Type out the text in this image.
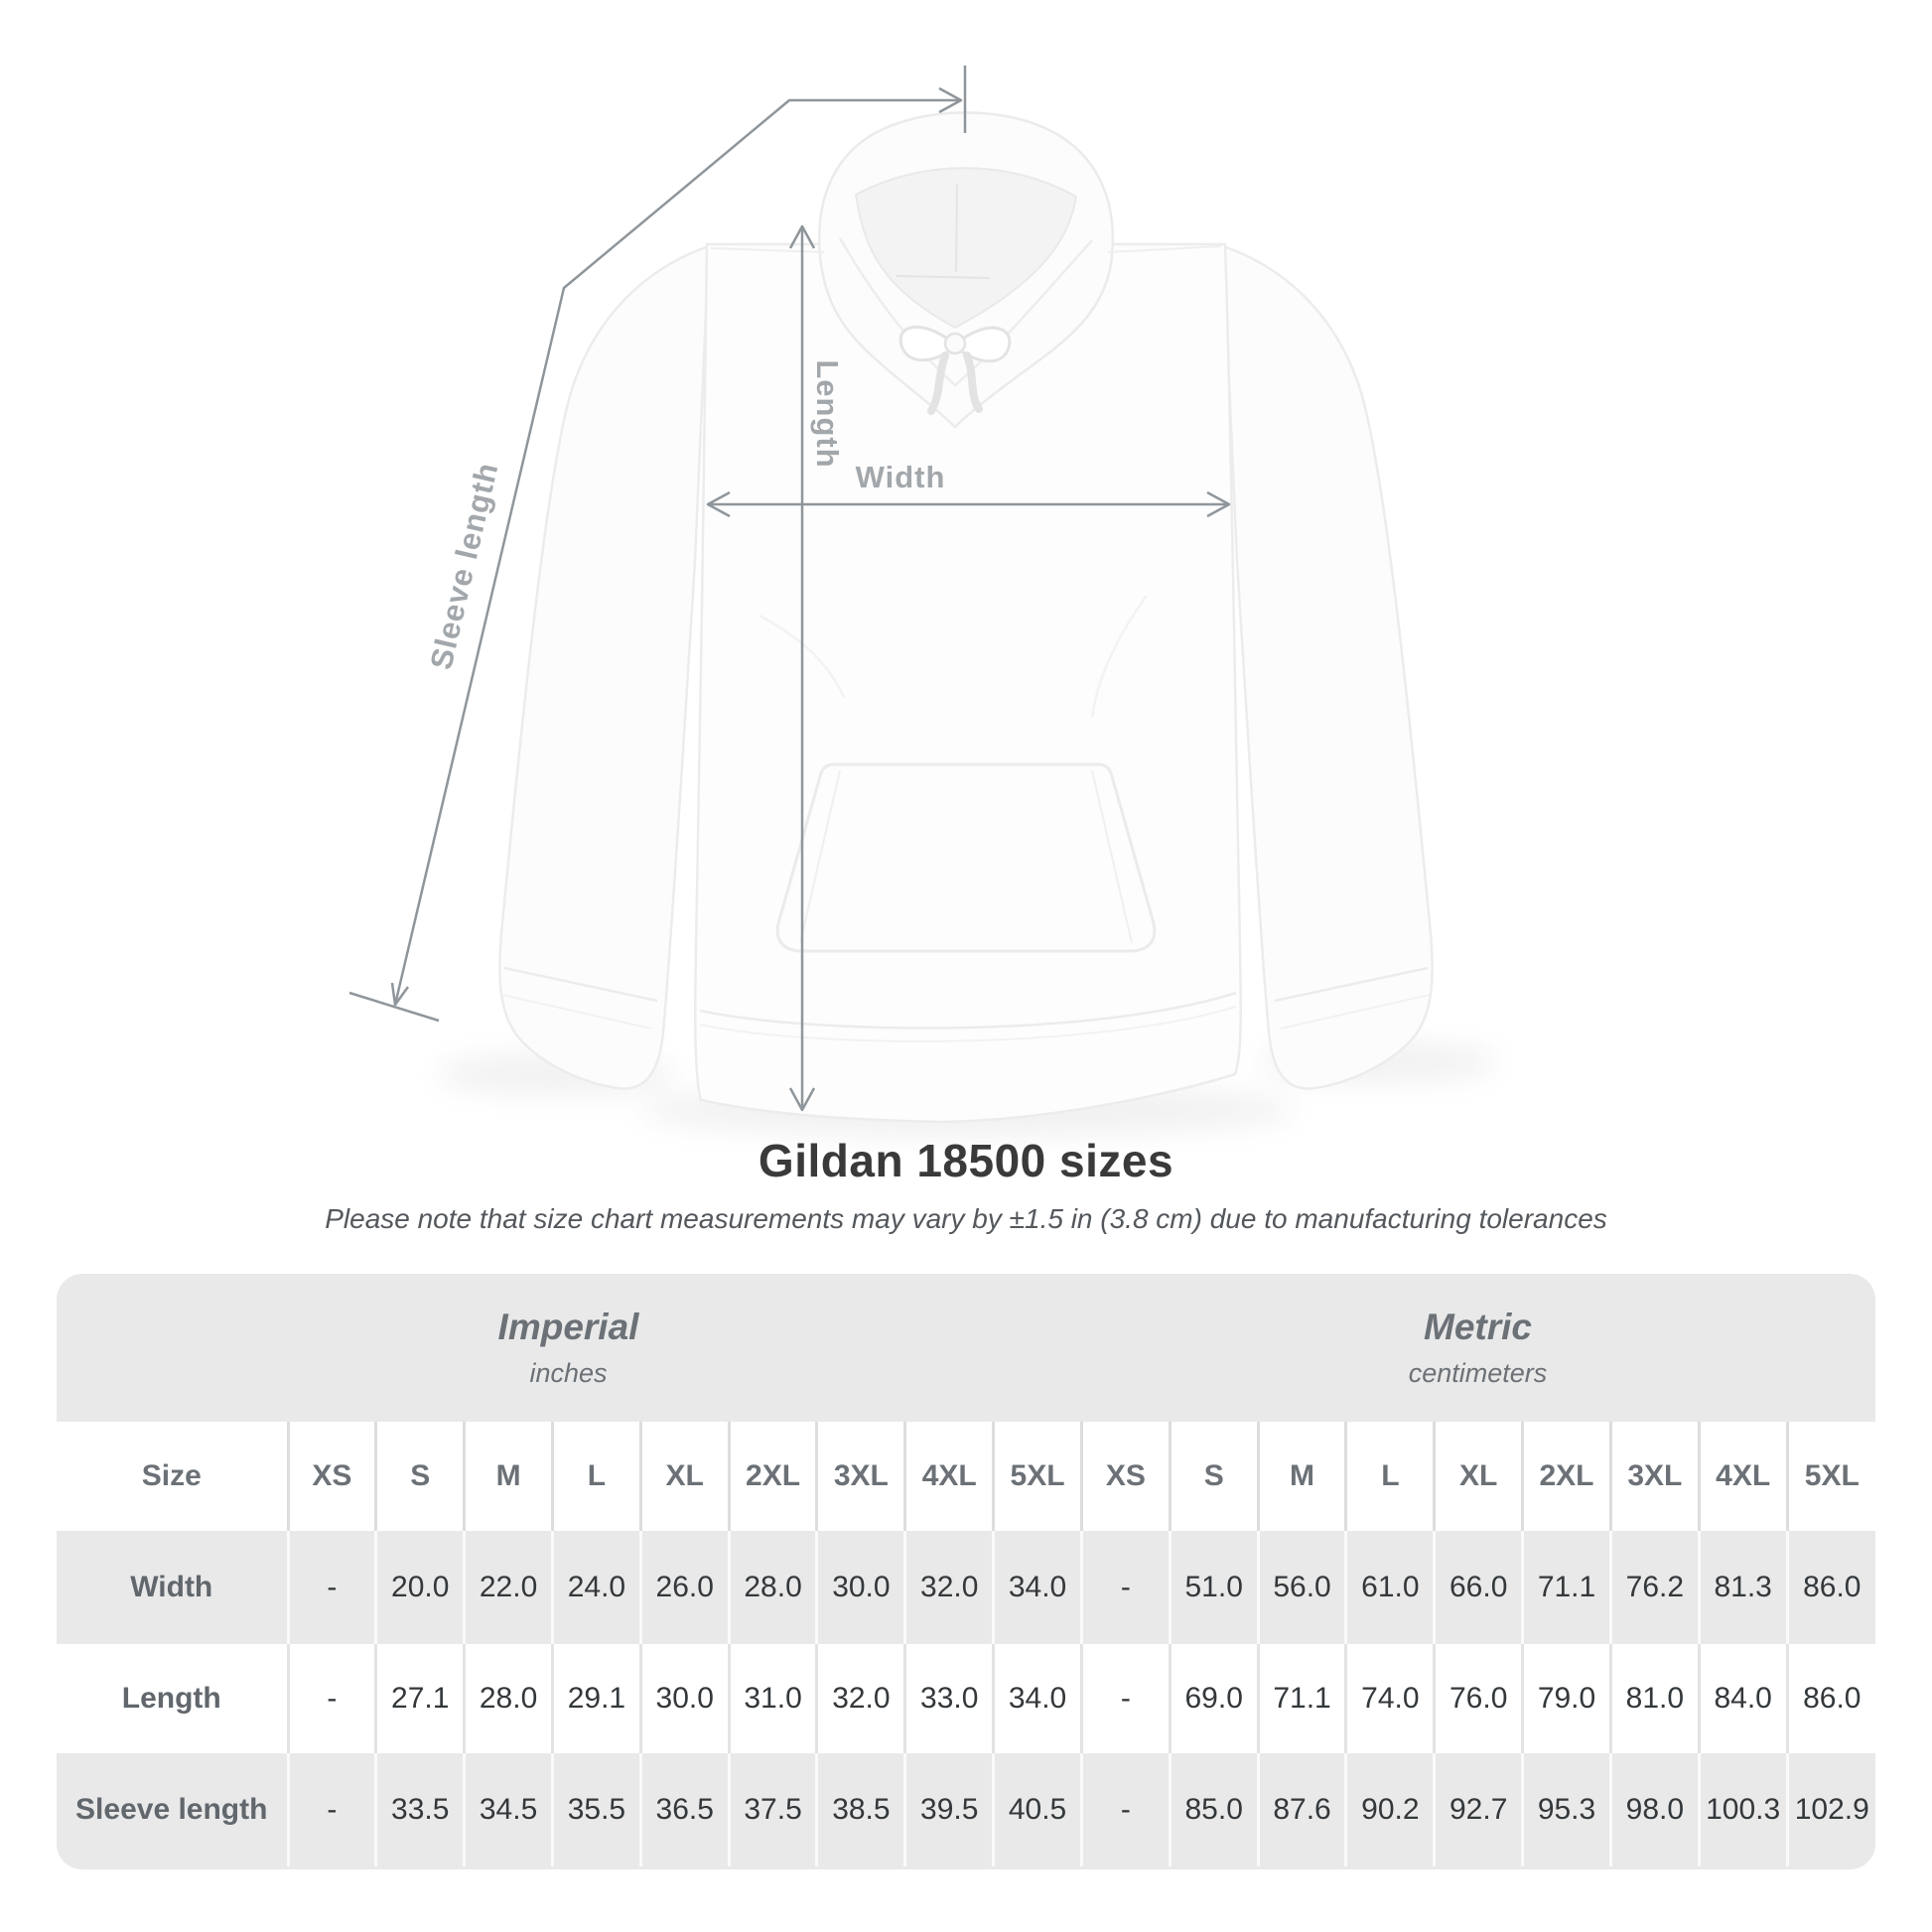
Length
Width
Sleeve length
Gildan 18500 sizes

Please note that size chart measurements may vary by ±1.5 in (3.8 cm) due to manufacturing tolerances

Imperial
inches
Metric
centimeters
Size	XS	S	M	L	XL	2XL	3XL	4XL	5XL	XS	S	M	L	XL	2XL	3XL	4XL	5XL
Width	-	20.0	22.0	24.0	26.0	28.0	30.0	32.0	34.0	-	51.0	56.0	61.0	66.0	71.1	76.2	81.3	86.0
Length	-	27.1	28.0	29.1	30.0	31.0	32.0	33.0	34.0	-	69.0	71.1	74.0	76.0	79.0	81.0	84.0	86.0
Sleeve length	-	33.5	34.5	35.5	36.5	37.5	38.5	39.5	40.5	-	85.0	87.6	90.2	92.7	95.3	98.0	100.3	102.9
